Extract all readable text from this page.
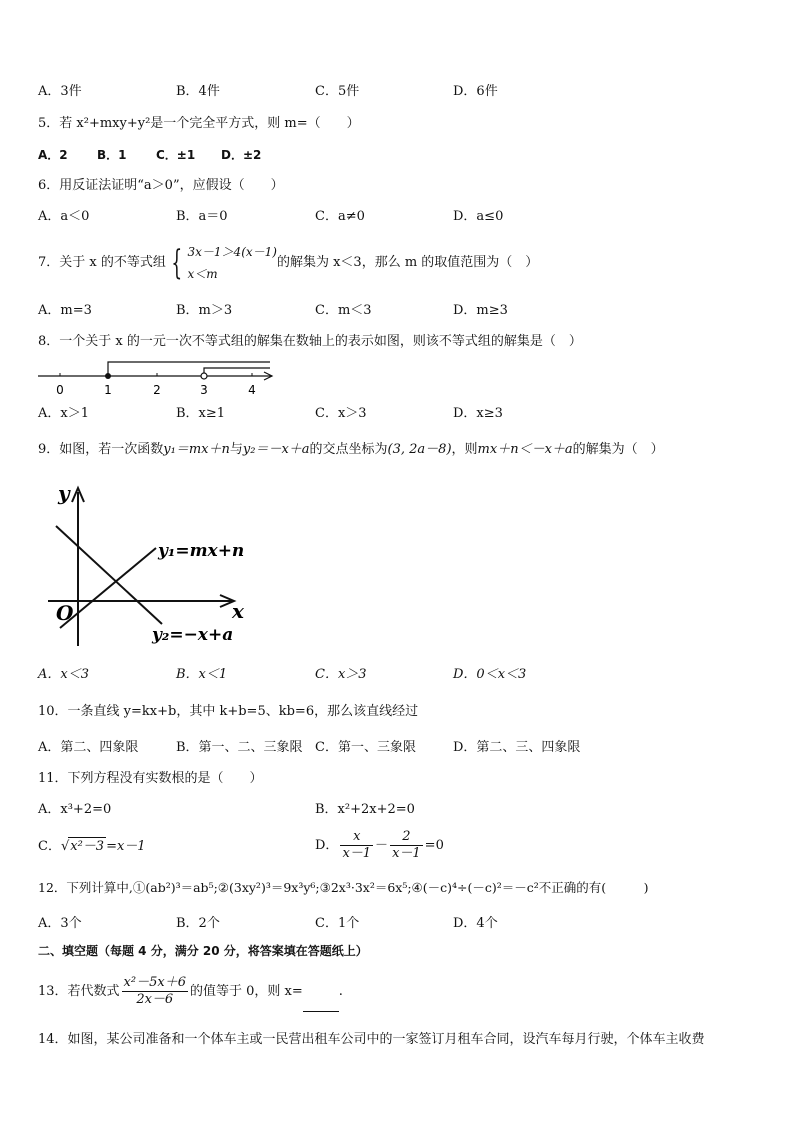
A．3件	B．4件	C．5件	D．6件
5．若 x²+mxy+y²是一个完全平方式，则 m=（　　）
A．2 B．1 C．±1 D．±2
6．用反证法证明“a＞0”，应假设（　　）
A．a＜0	B．a＝0	C．a≠0	D．a≤0
7．关于 x 的不等式组 { 3x－1＞4(x－1)
x＜m
的解集为 x＜3，那么 m 的取值范围为（　）
A．m=3	B．m＞3	C．m＜3	D．m≥3
8．一个关于 x 的一元一次不等式组的解集在数轴上的表示如图，则该不等式组的解集是（　）
0	1	2	3	4
A．x＞1	B．x≥1	C．x＞3	D．x≥3
9．如图，若一次函数y₁＝mx＋n与y₂＝－x＋a的交点坐标为(3, 2a－8)，则mx＋n＜－x＋a的解集为（　）
y
x
O
y₁=mx+n
y₂=−x+a
A．x＜3	B．x＜1	C．x＞3	D．0＜x＜3
10．一条直线 y=kx+b，其中 k+b=5、kb=6，那么该直线经过
A．第二、四象限	B．第一、二、三象限 C．第一、三象限	D．第二、三、四象限
11．下列方程没有实数根的是（　　）
A．x³+2=0	B．x²+2x+2=0
C．√x²－3 =x－1	D． $\frac{x}{x-1} - \frac{2}{x-1} =0$
12．下列计算中,①(ab²)³＝ab⁵;②(3xy²)³＝9x³y⁶;③2x³·3x²＝6x⁵;④(－c)⁴÷(－c)²＝－c²不正确的有(　　　)
A．3个	B．2个	C．1个	D．4个
二、填空题（每题 4 分，满分 20 分，将答案填在答题纸上）
13．若代数式 $\frac{\text{x²－5x＋6}}{2x-6}$ 的值等于 0，则 x=	.
14．如图，某公司准备和一个体车主或一民营出租车公司中的一家签订月租车合同，设汽车每月行驶，个体车主收费
